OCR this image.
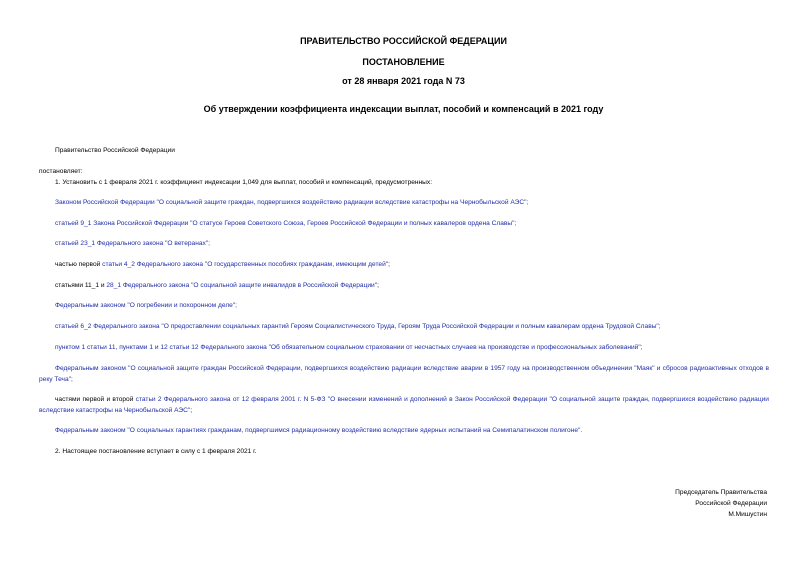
ПРАВИТЕЛЬСТВО РОССИЙСКОЙ ФЕДЕРАЦИИ
ПОСТАНОВЛЕНИЕ
от 28 января 2021 года N 73
Об утверждении коэффициента индексации выплат, пособий и компенсаций в 2021 году
Правительство Российской Федерации
постановляет:
1. Установить с 1 февраля 2021 г. коэффициент индексации 1,049 для выплат, пособий и компенсаций, предусмотренных:
Законом Российской Федерации "О социальной защите граждан, подвергшихся воздействию радиации вследствие катастрофы на Чернобыльской АЭС";
статьей 9_1 Закона Российской Федерации "О статусе Героев Советского Союза, Героев Российской Федерации и полных кавалеров ордена Славы";
статьей 23_1 Федерального закона "О ветеранах";
частью первой статьи 4_2 Федерального закона "О государственных пособиях гражданам, имеющим детей";
статьями 11_1 и 28_1 Федерального закона "О социальной защите инвалидов в Российской Федерации";
Федеральным законом "О погребении и похоронном деле";
статьей 6_2 Федерального закона "О предоставлении социальных гарантий Героям Социалистического Труда, Героям Труда Российской Федерации и полным кавалерам ордена Трудовой Славы";
пунктом 1 статьи 11, пунктами 1 и 12 статьи 12 Федерального закона "Об обязательном социальном страховании от несчастных случаев на производстве и профессиональных заболеваний";
Федеральным законом "О социальной защите граждан Российской Федерации, подвергшихся воздействию радиации вследствие аварии в 1957 году на производственном объединении "Маяк" и сбросов радиоактивных отходов в реку Теча";
частями первой и второй статьи 2 Федерального закона от 12 февраля 2001 г. N 5-ФЗ "О внесении изменений и дополнений в Закон Российской Федерации "О социальной защите граждан, подвергшихся воздействию радиации вследствие катастрофы на Чернобыльской АЭС";
Федеральным законом "О социальных гарантиях гражданам, подвергшимся радиационному воздействию вследствие ядерных испытаний на Семипалатинском полигоне".
2. Настоящее постановление вступает в силу с 1 февраля 2021 г.
Председатель Правительства
Российской Федерации
М.Мишустин
